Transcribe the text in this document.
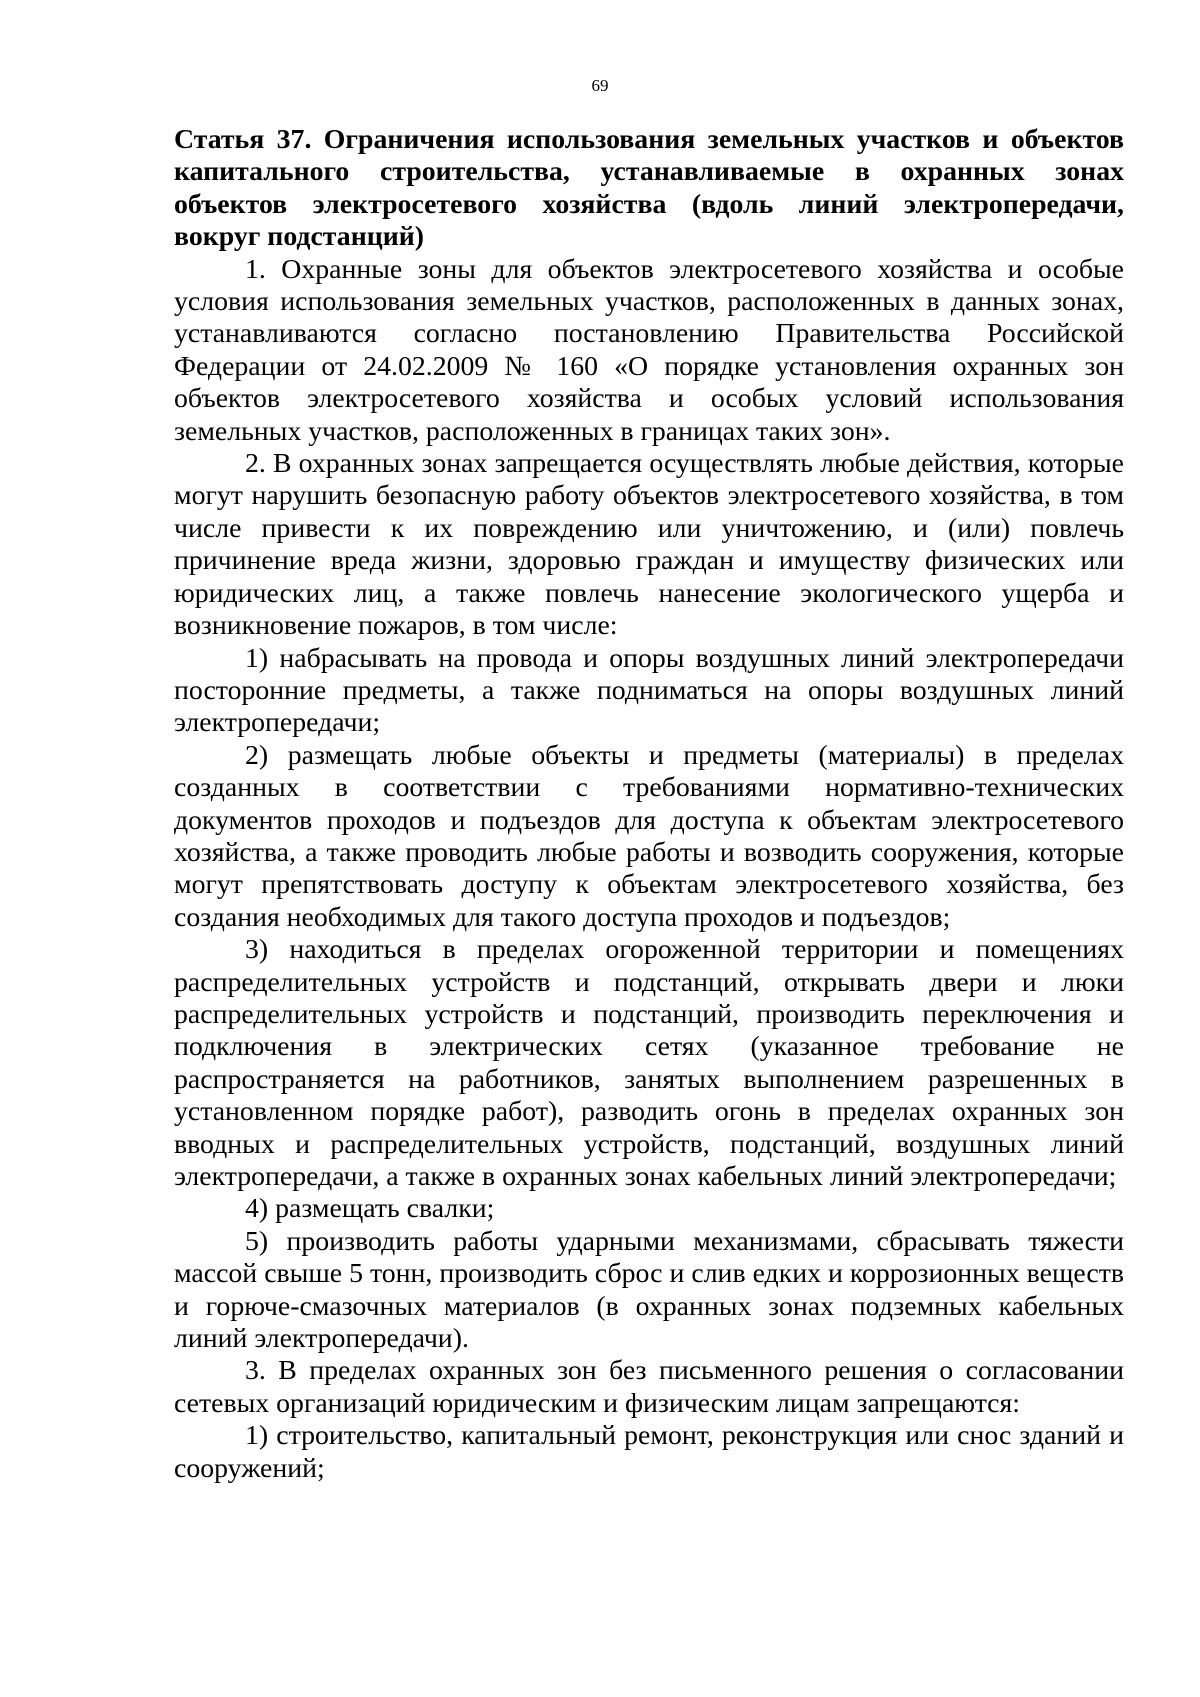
69

Статья 37. Ограничения использования земельных участков и объектов капитального строительства, устанавливаемые в охранных зонах объектов электросетевого хозяйства (вдоль линий электропередачи, вокруг подстанций)

1. Охранные зоны для объектов электросетевого хозяйства и особые условия использования земельных участков, расположенных в данных зонах, устанавливаются согласно постановлению Правительства Российской Федерации от 24.02.2009 № 160 «О порядке установления охранных зон объектов электросетевого хозяйства и особых условий использования земельных участков, расположенных в границах таких зон».

2. В охранных зонах запрещается осуществлять любые действия, которые могут нарушить безопасную работу объектов электросетевого хозяйства, в том числе привести к их повреждению или уничтожению, и (или) повлечь причинение вреда жизни, здоровью граждан и имуществу физических или юридических лиц, а также повлечь нанесение экологического ущерба и возникновение пожаров, в том числе:

1) набрасывать на провода и опоры воздушных линий электропередачи посторонние предметы, а также подниматься на опоры воздушных линий электропередачи;

2) размещать любые объекты и предметы (материалы) в пределах созданных в соответствии с требованиями нормативно-технических документов проходов и подъездов для доступа к объектам электросетевого хозяйства, а также проводить любые работы и возводить сооружения, которые могут препятствовать доступу к объектам электросетевого хозяйства, без создания необходимых для такого доступа проходов и подъездов;

3) находиться в пределах огороженной территории и помещениях распределительных устройств и подстанций, открывать двери и люки распределительных устройств и подстанций, производить переключения и подключения в электрических сетях (указанное требование не распространяется на работников, занятых выполнением разрешенных в установленном порядке работ), разводить огонь в пределах охранных зон вводных и распределительных устройств, подстанций, воздушных линий электропередачи, а также в охранных зонах кабельных линий электропередачи;

4) размещать свалки;

5) производить работы ударными механизмами, сбрасывать тяжести массой свыше 5 тонн, производить сброс и слив едких и коррозионных веществ и горюче-смазочных материалов (в охранных зонах подземных кабельных линий электропередачи).

3. В пределах охранных зон без письменного решения о согласовании сетевых организаций юридическим и физическим лицам запрещаются:

1) строительство, капитальный ремонт, реконструкция или снос зданий и сооружений;
